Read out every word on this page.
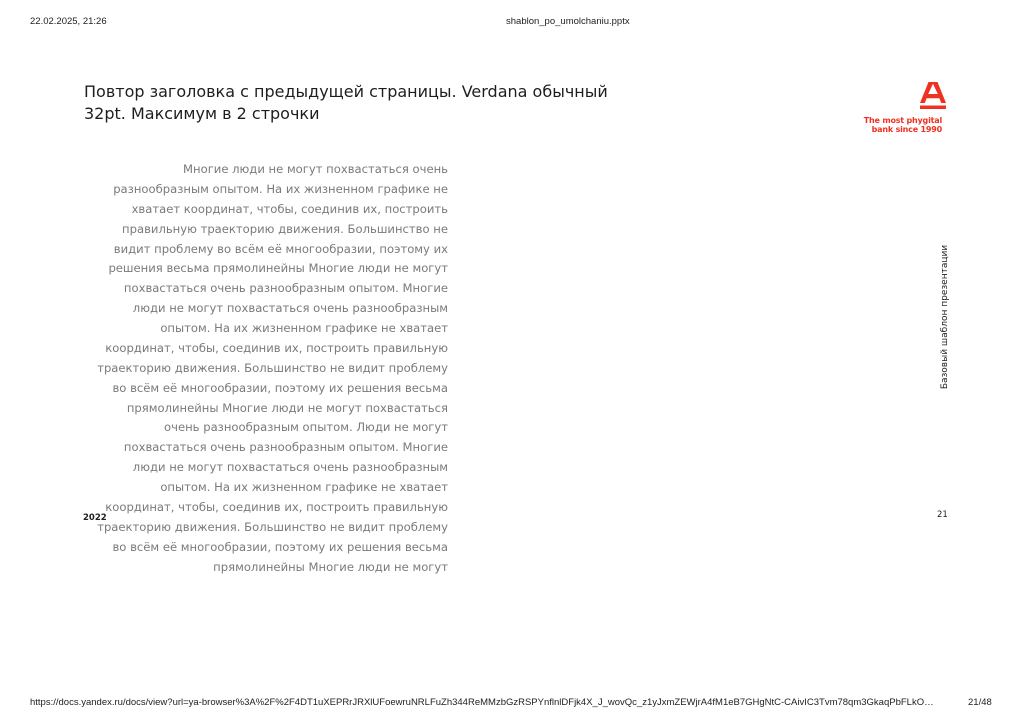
22.02.2025, 21:26	shablon_po_umolchaniu.pptx
Повтор заголовка с предыдущей страницы. Verdana обычный 32pt. Максимум в 2 строчки	The most phygital bank since 1990

Многие люди не могут похвастаться очень разнообразным опытом. На их жизненном графике не хватает координат, чтобы, соединив их, построить правильную траекторию движения. Большинство не видит проблему во всём её многообразии, поэтому их решения весьма прямолинейны Многие люди не могут похвастаться очень разнообразным опытом. Многие люди не могут похвастаться очень разнообразным опытом. На их жизненном графике не хватает координат, чтобы, соединив их, построить правильную траекторию движения. Большинство не видит проблему во всём её многообразии, поэтому их решения весьма прямолинейны Многие люди не могут похвастаться очень разнообразным опытом. Люди не могут похвастаться очень разнообразным опытом. Многие люди не могут похвастаться очень разнообразным опытом. На их жизненном графике не хватает координат, чтобы, соединив их, построить правильную траекторию движения. Большинство не видит проблему во всём её многообразии, поэтому их решения весьма прямолинейны Многие люди не могут

Базовый шаблон презентации
2022	21
https://docs.yandex.ru/docs/view?url=ya-browser%3A%2F%2F4DT1uXEPRrJRXlUFoewruNRLFuZh344ReMMzbGzRSPYnflnlDFjk4X_J_wovQc_z1yJxmZEWjrA4fM1eB7GHgNtC-CAivIC3Tvm78qm3GkaqPbFLkO…	21/48
